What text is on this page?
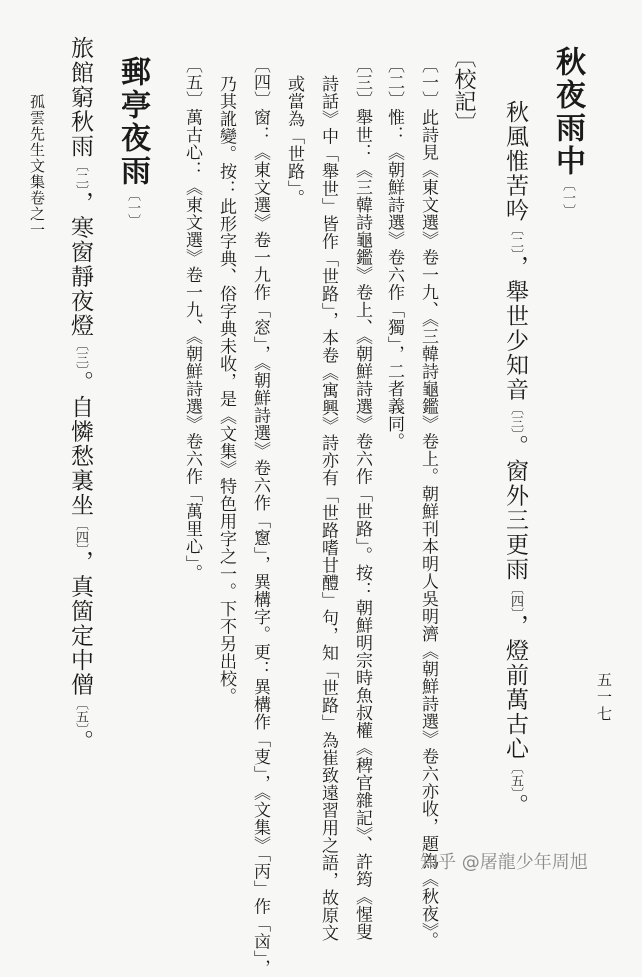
秋夜雨中〔一〕
秋風惟苦吟〔二〕，舉世少知音〔三〕。窗外三更雨〔四〕，燈前萬古心〔五〕。
〔校記〕
〔一〕此詩見《東文選》卷一九、《三韓詩龜鑑》卷上。朝鮮刊本明人吳明濟《朝鮮詩選》卷六亦收，題為《秋夜》。
〔二〕惟：《朝鮮詩選》卷六作「獨」，二者義同。
〔三〕舉世：《三韓詩龜鑑》卷上、《朝鮮詩選》卷六作「世路」。按：朝鮮明宗時魚叔權《稗官雜記》、許筠《惺叟
詩話》中「舉世」皆作「世路」，本卷《寓興》詩亦有「世路嗜甘醴」句，知「世路」為崔致遠習用之語，故原文
或當為「世路」。
〔四〕窗：《東文選》卷一九作「窓」，《朝鮮詩選》卷六作「窻」，異構字。更：異構作「叓」，《文集》「丙」作「㐫」，
乃其訛變。按：此形字典、俗字典未收，是《文集》特色用字之一。下不另出校。
〔五〕萬古心：《東文選》卷一九、《朝鮮詩選》卷六作「萬里心」。
郵亭夜雨〔一〕
旅館窮秋雨〔二〕，寒窗靜夜燈〔三〕。自憐愁裏坐〔四〕，真箇定中僧〔五〕。
孤雲先生文集卷之一
五一七
知乎 @屠龍少年周旭
